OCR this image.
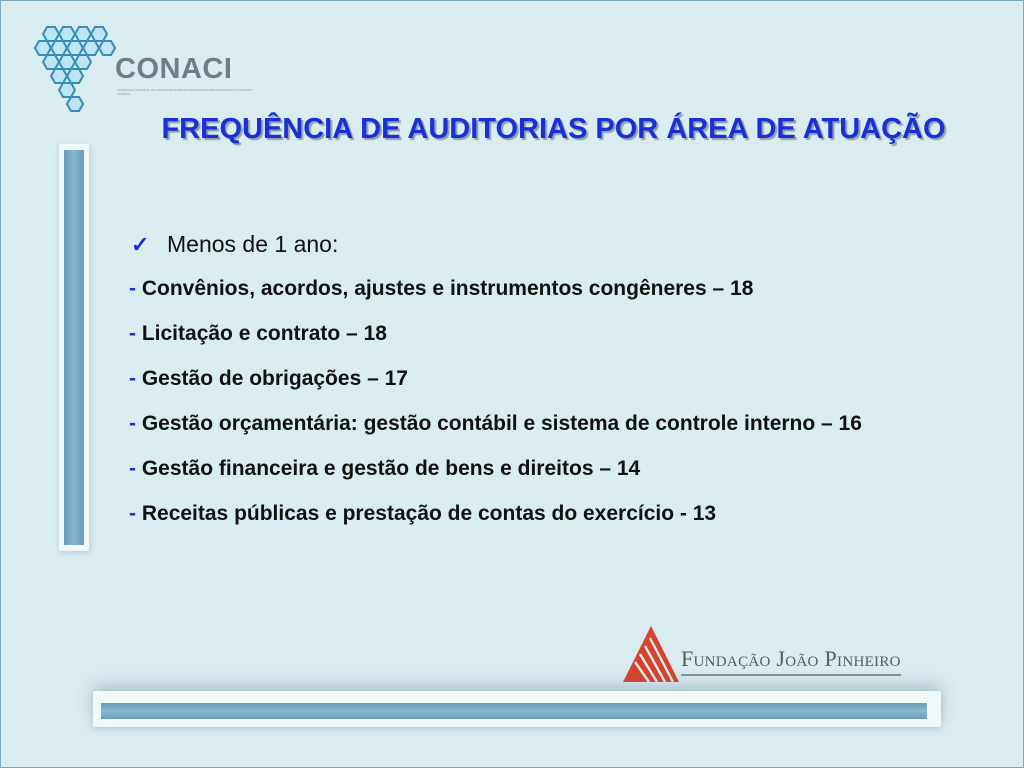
CONACI
CONSELHO NACIONAL DE CONTROLE INTERNO DOS ESTADOS BRASILEIROS E DO DISTRITO FEDERAL
FREQUÊNCIA DE AUDITORIAS POR ÁREA DE ATUAÇÃO
✓ Menos de 1 ano:
- Convênios, acordos, ajustes e instrumentos congêneres – 18
- Licitação e contrato – 18
- Gestão de obrigações – 17
- Gestão orçamentária: gestão contábil e sistema de controle interno – 16
- Gestão financeira e gestão de bens e direitos – 14
- Receitas públicas e prestação de contas do exercício - 13
Fundação João Pinheiro
